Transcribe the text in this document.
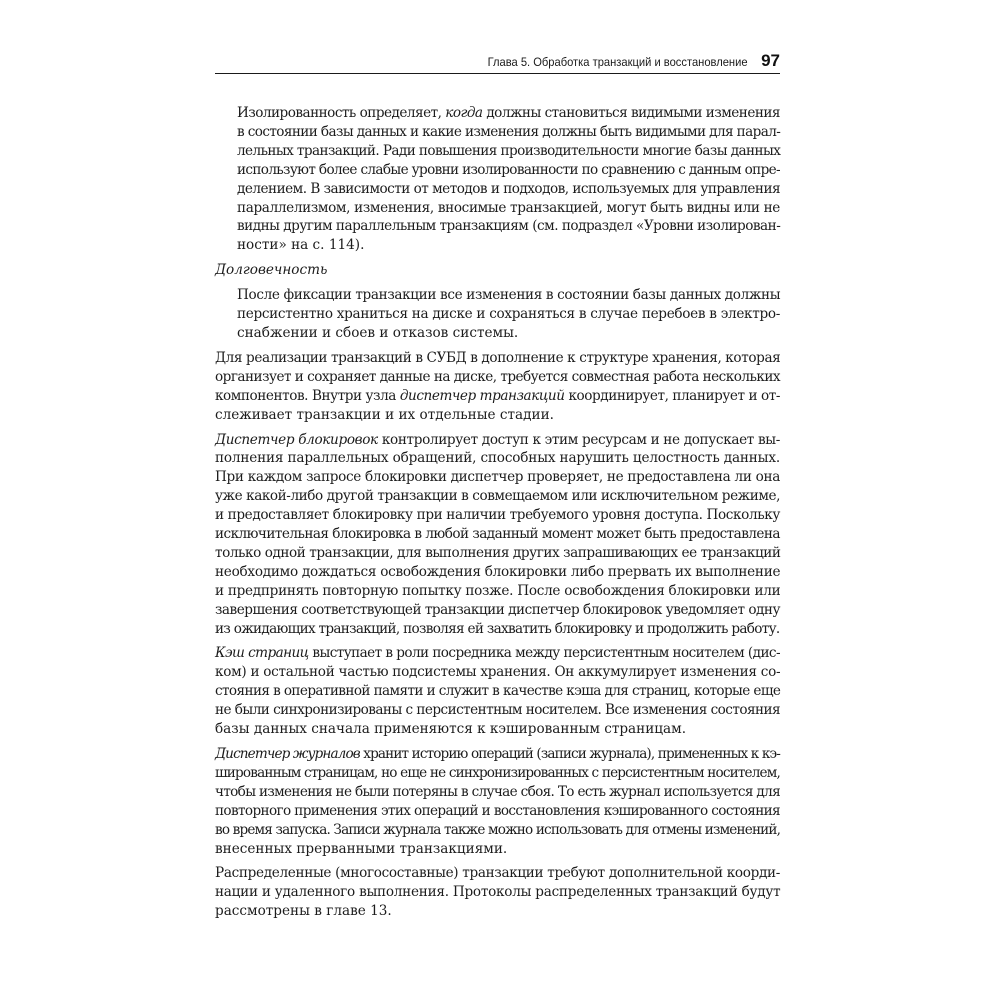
Глава 5. Обработка транзакций и восстановление 97

Изолированность определяет, когда должны становиться видимыми изменения
в состоянии базы данных и какие изменения должны быть видимыми для парал-
лельных транзакций. Ради повышения производительности многие базы данных
используют более слабые уровни изолированности по сравнению с данным опре-
делением. В зависимости от методов и подходов, используемых для управления
параллелизмом, изменения, вносимые транзакцией, могут быть видны или не
видны другим параллельным транзакциям (см. подраздел «Уровни изолирован-
ности» на с. 114).

Долговечность

После фиксации транзакции все изменения в состоянии базы данных должны
персистентно храниться на диске и сохраняться в случае перебоев в электро-
снабжении и сбоев и отказов системы.

Для реализации транзакций в СУБД в дополнение к структуре хранения, которая
организует и сохраняет данные на диске, требуется совместная работа нескольких
компонентов. Внутри узла диспетчер транзакций координирует, планирует и от-
слеживает транзакции и их отдельные стадии.

Диспетчер блокировок контролирует доступ к этим ресурсам и не допускает вы-
полнения параллельных обращений, способных нарушить целостность данных.
При каждом запросе блокировки диспетчер проверяет, не предоставлена ли она
уже какой-либо другой транзакции в совмещаемом или исключительном режиме,
и предоставляет блокировку при наличии требуемого уровня доступа. Поскольку
исключительная блокировка в любой заданный момент может быть предоставлена
только одной транзакции, для выполнения других запрашивающих ее транзакций
необходимо дождаться освобождения блокировки либо прервать их выполнение
и предпринять повторную попытку позже. После освобождения блокировки или
завершения соответствующей транзакции диспетчер блокировок уведомляет одну
из ожидающих транзакций, позволяя ей захватить блокировку и продолжить работу.

Кэш страниц выступает в роли посредника между персистентным носителем (дис-
ком) и остальной частью подсистемы хранения. Он аккумулирует изменения со-
стояния в оперативной памяти и служит в качестве кэша для страниц, которые еще
не были синхронизированы с персистентным носителем. Все изменения состояния
базы данных сначала применяются к кэшированным страницам.

Диспетчер журналов хранит историю операций (записи журнала), примененных к кэ-
шированным страницам, но еще не синхронизированных с персистентным носителем,
чтобы изменения не были потеряны в случае сбоя. То есть журнал используется для
повторного применения этих операций и восстановления кэшированного состояния
во время запуска. Записи журнала также можно использовать для отмены изменений,
внесенных прерванными транзакциями.

Распределенные (многосоставные) транзакции требуют дополнительной коорди-
нации и удаленного выполнения. Протоколы распределенных транзакций будут
рассмотрены в главе 13.
